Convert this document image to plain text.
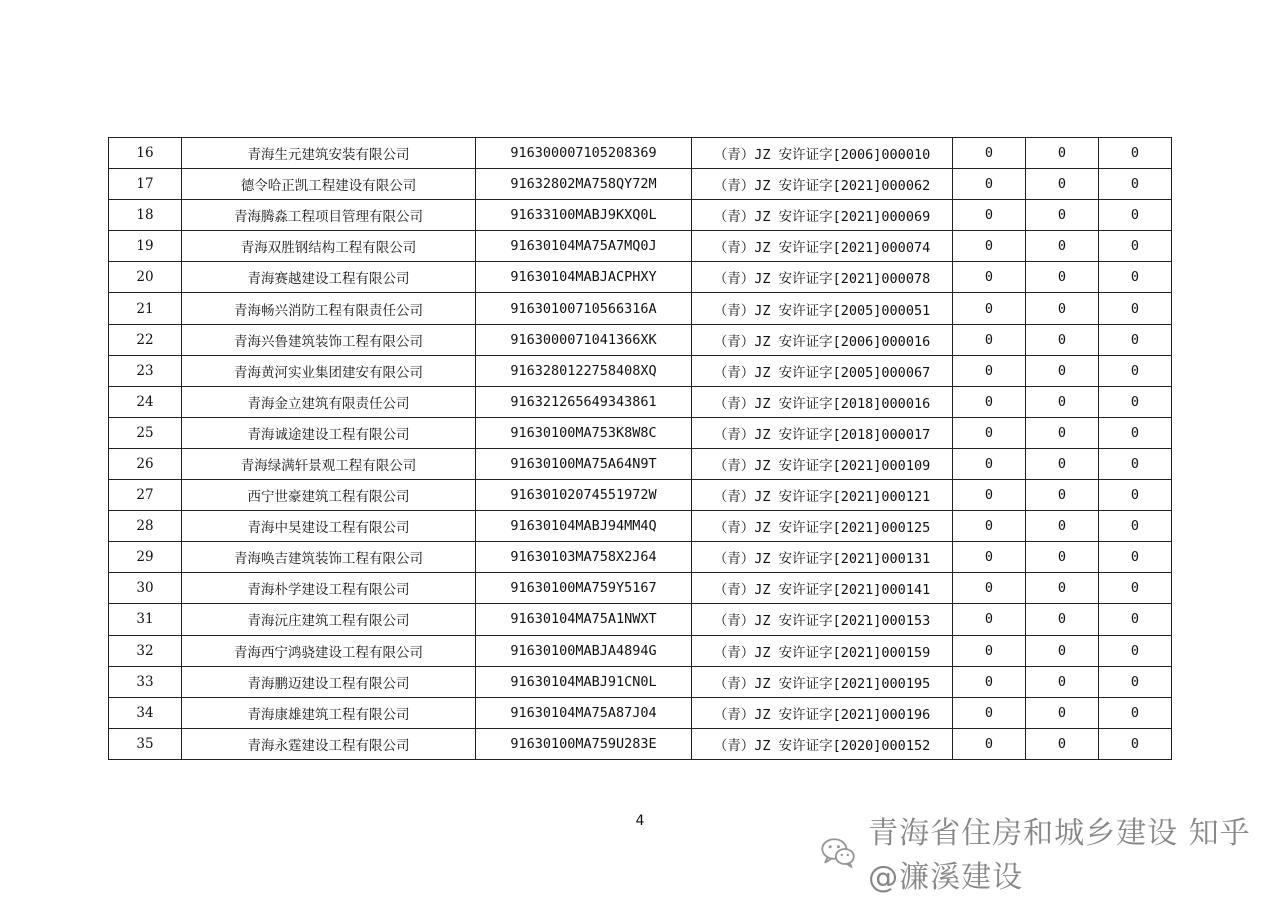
16	青海生元建筑安装有限公司	916300007105208369	（青）JZ 安许证字[2006]000010	0	0	0
17	德令哈正凯工程建设有限公司	91632802MA758QY72M	（青）JZ 安许证字[2021]000062	0	0	0
18	青海腾淼工程项目管理有限公司	91633100MABJ9KXQ0L	（青）JZ 安许证字[2021]000069	0	0	0
19	青海双胜钢结构工程有限公司	91630104MA75A7MQ0J	（青）JZ 安许证字[2021]000074	0	0	0
20	青海赛越建设工程有限公司	91630104MABJACPHXY	（青）JZ 安许证字[2021]000078	0	0	0
21	青海畅兴消防工程有限责任公司	91630100710566316A	（青）JZ 安许证字[2005]000051	0	0	0
22	青海兴鲁建筑装饰工程有限公司	9163000071041366XK	（青）JZ 安许证字[2006]000016	0	0	0
23	青海黄河实业集团建安有限公司	9163280122758408XQ	（青）JZ 安许证字[2005]000067	0	0	0
24	青海金立建筑有限责任公司	916321265649343861	（青）JZ 安许证字[2018]000016	0	0	0
25	青海诚途建设工程有限公司	91630100MA753K8W8C	（青）JZ 安许证字[2018]000017	0	0	0
26	青海绿满轩景观工程有限公司	91630100MA75A64N9T	（青）JZ 安许证字[2021]000109	0	0	0
27	西宁世豪建筑工程有限公司	91630102074551972W	（青）JZ 安许证字[2021]000121	0	0	0
28	青海中昊建设工程有限公司	91630104MABJ94MM4Q	（青）JZ 安许证字[2021]000125	0	0	0
29	青海唤吉建筑装饰工程有限公司	91630103MA758X2J64	（青）JZ 安许证字[2021]000131	0	0	0
30	青海朴学建设工程有限公司	91630100MA759Y5167	（青）JZ 安许证字[2021]000141	0	0	0
31	青海沅庄建筑工程有限公司	91630104MA75A1NWXT	（青）JZ 安许证字[2021]000153	0	0	0
32	青海西宁鸿骁建设工程有限公司	91630100MABJA4894G	（青）JZ 安许证字[2021]000159	0	0	0
33	青海鹏迈建设工程有限公司	91630104MABJ91CN0L	（青）JZ 安许证字[2021]000195	0	0	0
34	青海康雄建筑工程有限公司	91630104MA75A87J04	（青）JZ 安许证字[2021]000196	0	0	0
35	青海永霆建设工程有限公司	91630100MA759U283E	（青）JZ 安许证字[2020]000152	0	0	0
4	青海省住房和城乡建设 知乎 @濂溪建设
